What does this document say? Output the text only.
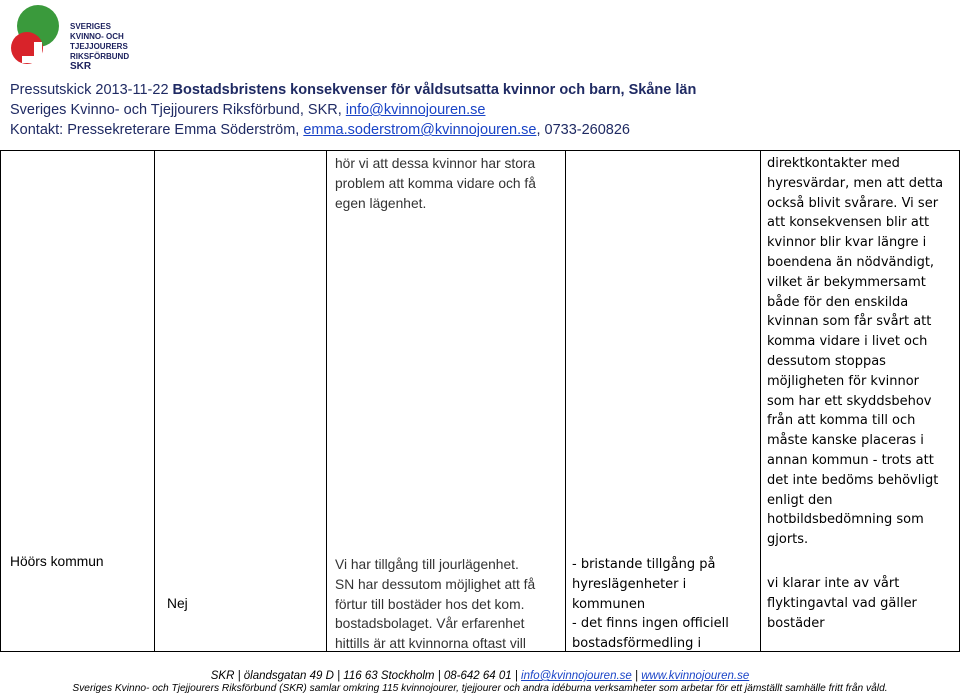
SVERIGES
KVINNO- OCH TJEJJOURERS
RIKSFÖRBUND
SKR
Pressutskick 2013-11-22 Bostadsbristens konsekvenser för våldsutsatta kvinnor och barn, Skåne län
Sveriges Kvinno- och Tjejjourers Riksförbund, SKR, info@kvinnojouren.se
Kontakt: Pressekreterare Emma Söderström, emma.soderstrom@kvinnojouren.se, 0733-260826
Höörs kommun
Nej

hör vi att dessa kvinnor har stora

problem att komma vidare och få

egen lägenhet.

Vi har tillgång till jourlägenhet.

SN har dessutom möjlighet att få

förtur till bostäder hos det kom.

bostadsbolaget. Vår erfarenhet

hittills är att kvinnorna oftast vill

- bristande tillgång på

hyreslägenheter i

kommunen

- det finns ingen officiell

bostadsförmedling i

direktkontakter med

hyresvärdar, men att detta

också blivit svårare. Vi ser

att konsekvensen blir att

kvinnor blir kvar längre i

boendena än nödvändigt,

vilket är bekymmersamt

både för den enskilda

kvinnan som får svårt att

komma vidare i livet och

dessutom stoppas

möjligheten för kvinnor

som har ett skyddsbehov

från att komma till och

måste kanske placeras i

annan kommun - trots att

det inte bedöms behövligt

enligt den

hotbildsbedömning som

gjorts.

vi klarar inte av vårt

flyktingavtal vad gäller

bostäder

SKR | ölandsgatan 49 D | 116 63 Stockholm | 08-642 64 01 | info@kvinnojouren.se | www.kvinnojouren.se
Sveriges Kvinno- och Tjejjourers Riksförbund (SKR) samlar omkring 115 kvinnojourer, tjejjourer och andra idéburna verksamheter som arbetar för ett jämställt samhälle fritt från våld.
